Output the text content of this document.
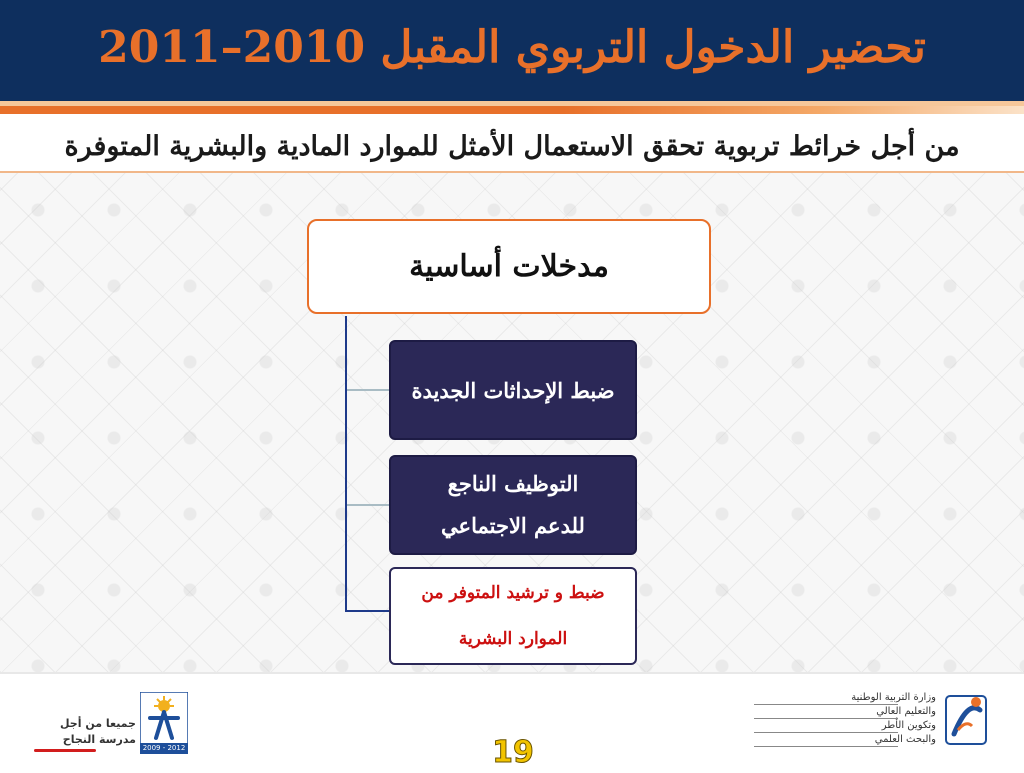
تحضير الدخول التربوي المقبل 2010–2011
من أجل خرائط تربوية تحقق الاستعمال الأمثل للموارد المادية والبشرية المتوفرة
مدخلات أساسية
ضبط الإحداثات الجديدة
التوظيف الناجع
للدعم الاجتماعي
ضبط و ترشيد المتوفر من
الموارد البشرية
جميعا من أجل
مدرسة النجاح
2009 - 2012	19
وزارة التربية الوطنية
والتعليم العالي
وتكوين الأطر
والبحث العلمي
